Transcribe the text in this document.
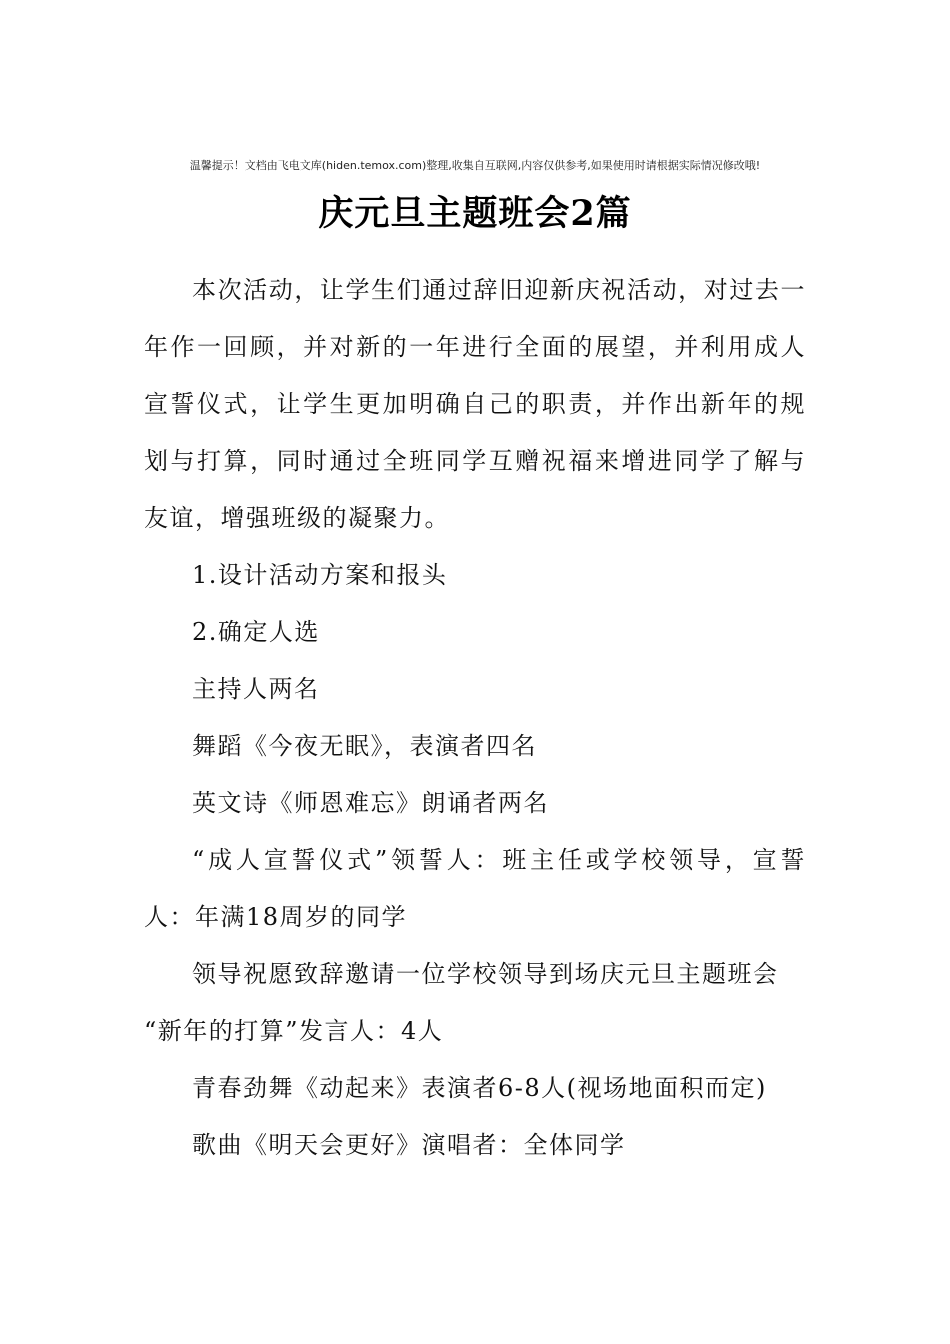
温馨提示！文档由飞电文库(hiden.temox.com)整理,收集自互联网,内容仅供参考,如果使用时请根据实际情况修改哦!
庆元旦主题班会2篇

本次活动，让学生们通过辞旧迎新庆祝活动，对过去一年作一回顾，并对新的一年进行全面的展望，并利用成人宣誓仪式，让学生更加明确自己的职责，并作出新年的规划与打算，同时通过全班同学互赠祝福来增进同学了解与友谊，增强班级的凝聚力。

1.设计活动方案和报头

2.确定人选

主持人两名

舞蹈《今夜无眠》，表演者四名

英文诗《师恩难忘》朗诵者两名

“成人宣誓仪式”领誓人：班主任或学校领导，宣誓人：年满18周岁的同学

领导祝愿致辞邀请一位学校领导到场庆元旦主题班会

“新年的打算”发言人：4人

青春劲舞《动起来》表演者6-8人(视场地面积而定)

歌曲《明天会更好》演唱者：全体同学
